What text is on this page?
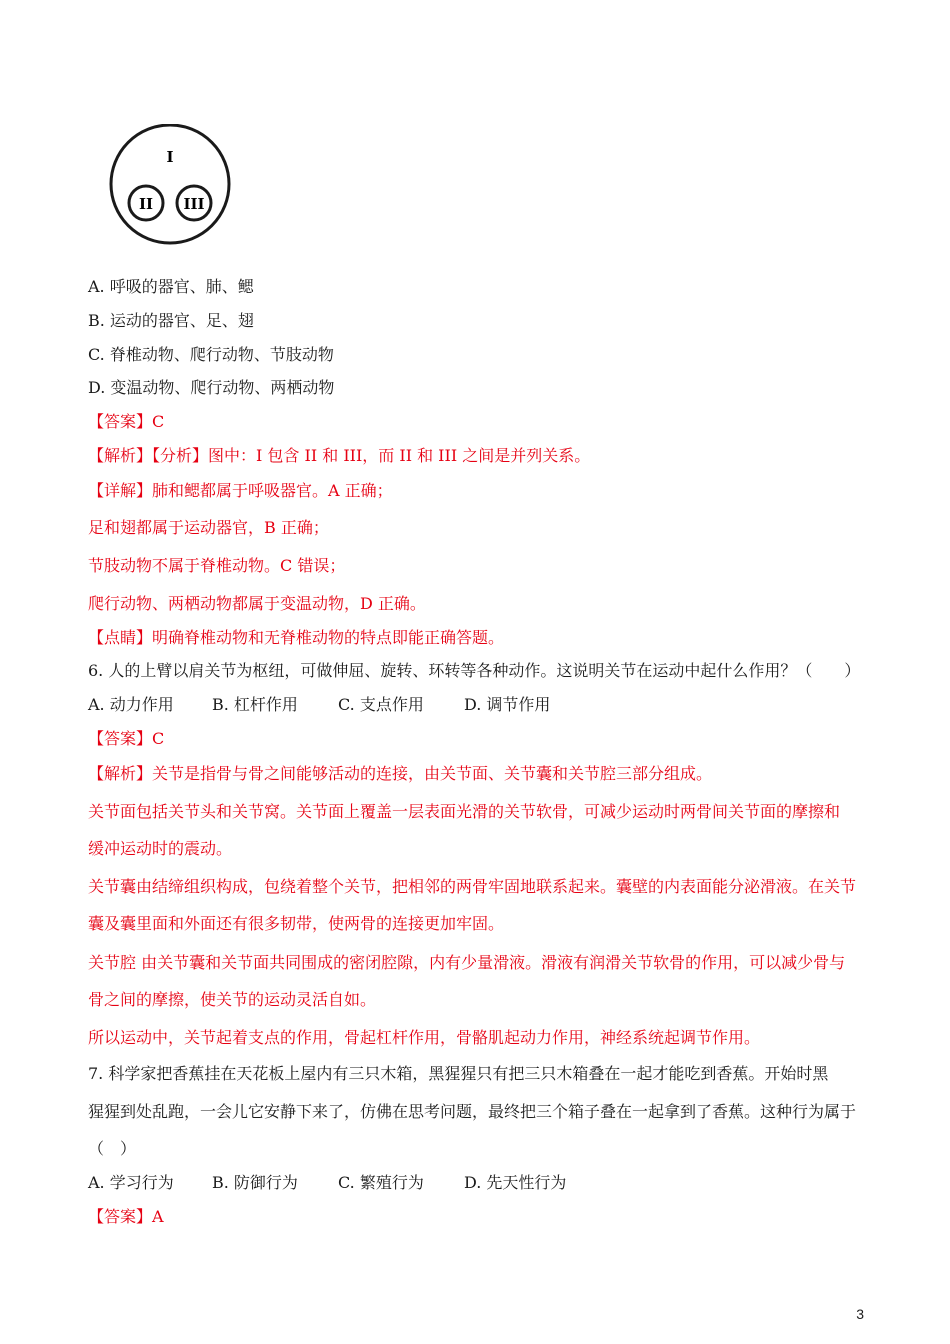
I
II III
A. 呼吸的器官、肺、鳃
B. 运动的器官、足、翅
C. 脊椎动物、爬行动物、节肢动物
D. 变温动物、爬行动物、两栖动物
【答案】C
【解析】【分析】图中：I 包含 II 和 III，而 II 和 III 之间是并列关系。
【详解】肺和鳃都属于呼吸器官。A 正确；
足和翅都属于运动器官，B 正确；
节肢动物不属于脊椎动物。C 错误；
爬行动物、两栖动物都属于变温动物，D 正确。
【点睛】明确脊椎动物和无脊椎动物的特点即能正确答题。
6. 人的上臂以肩关节为枢纽，可做伸屈、旋转、环转等各种动作。这说明关节在运动中起什么作用？（　　）
A. 动力作用 B. 杠杆作用	C. 支点作用	D. 调节作用
【答案】C
【解析】关节是指骨与骨之间能够活动的连接，由关节面、关节囊和关节腔三部分组成。
关节面包括关节头和关节窝。关节面上覆盖一层表面光滑的关节软骨，可减少运动时两骨间关节面的摩擦和
缓冲运动时的震动。
关节囊由结缔组织构成，包绕着整个关节，把相邻的两骨牢固地联系起来。囊壁的内表面能分泌滑液。在关节
囊及囊里面和外面还有很多韧带，使两骨的连接更加牢固。
关节腔 由关节囊和关节面共同围成的密闭腔隙，内有少量滑液。滑液有润滑关节软骨的作用，可以减少骨与
骨之间的摩擦，使关节的运动灵活自如。
所以运动中，关节起着支点的作用，骨起杠杆作用，骨骼肌起动力作用，神经系统起调节作用。
7. 科学家把香蕉挂在天花板上屋内有三只木箱，黑猩猩只有把三只木箱叠在一起才能吃到香蕉。开始时黑
猩猩到处乱跑，一会儿它安静下来了，仿佛在思考问题，最终把三个箱子叠在一起拿到了香蕉。这种行为属于
（　）
A. 学习行为 B. 防御行为	C. 繁殖行为	D. 先天性行为
【答案】A
3
